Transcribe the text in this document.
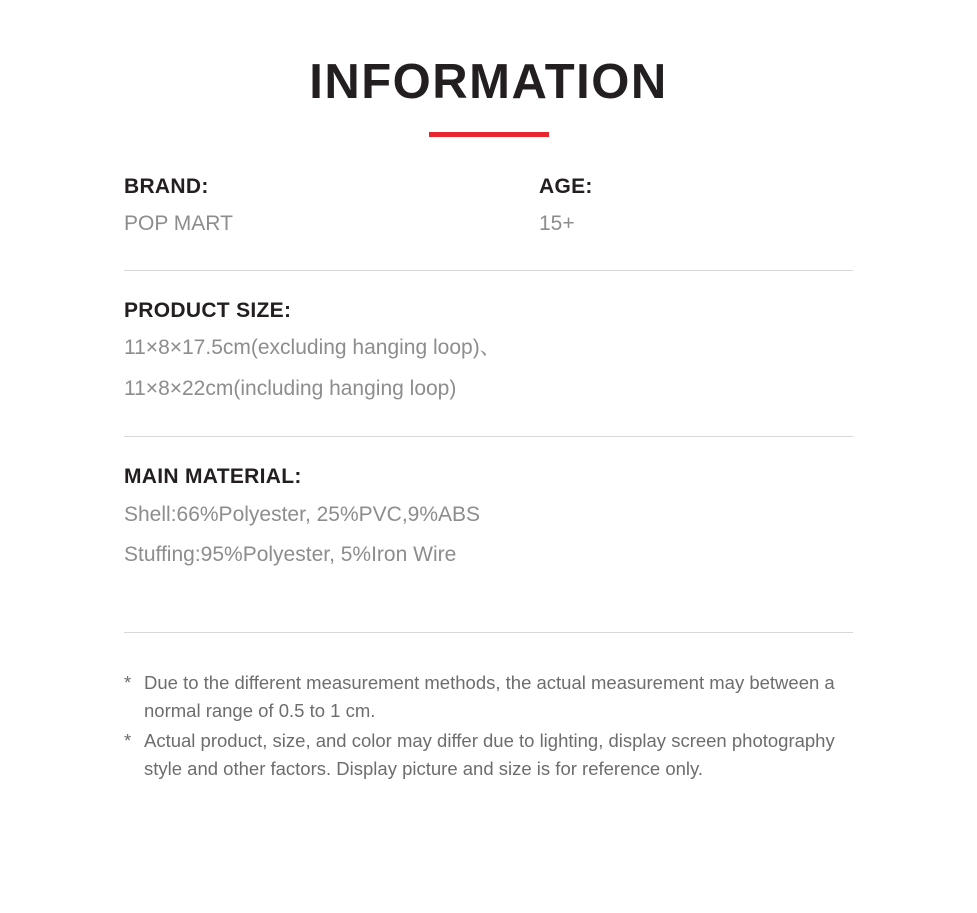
INFORMATION
BRAND:
POP MART
AGE:
15+
PRODUCT SIZE:
11×8×17.5cm(excluding hanging loop)、
11×8×22cm(including hanging loop)
MAIN MATERIAL:
Shell:66%Polyester, 25%PVC,9%ABS
Stuffing:95%Polyester, 5%Iron Wire
* Due to the different measurement methods, the actual measurement may between a normal range of 0.5 to 1 cm.
* Actual product, size, and color may differ due to lighting, display screen photography style and other factors. Display picture and size is for reference only.
